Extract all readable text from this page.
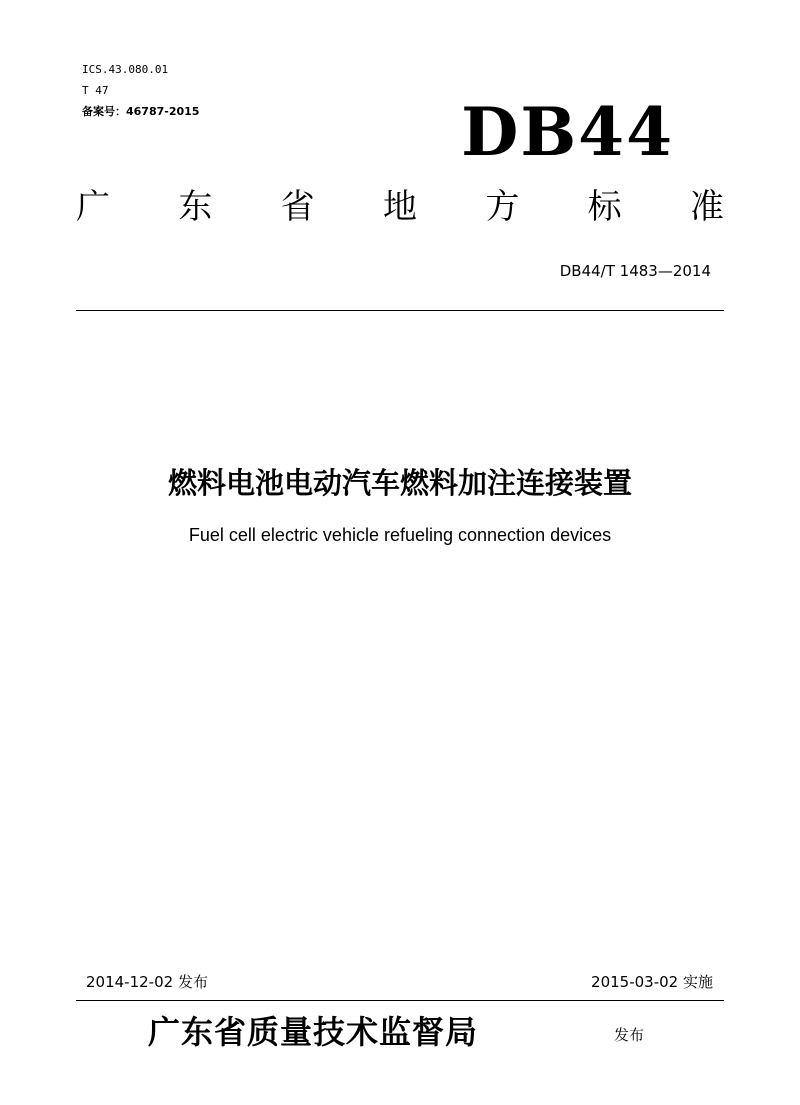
ICS.43.080.01
T 47
备案号：46787-2015	DB44
广 东 省 地 方 标 准
DB44/T 1483—2014
燃料电池电动汽车燃料加注连接装置
Fuel cell electric vehicle refueling connection devices
2014-12-02 发布	2015-03-02 实施
广东省质量技术监督局	发布
